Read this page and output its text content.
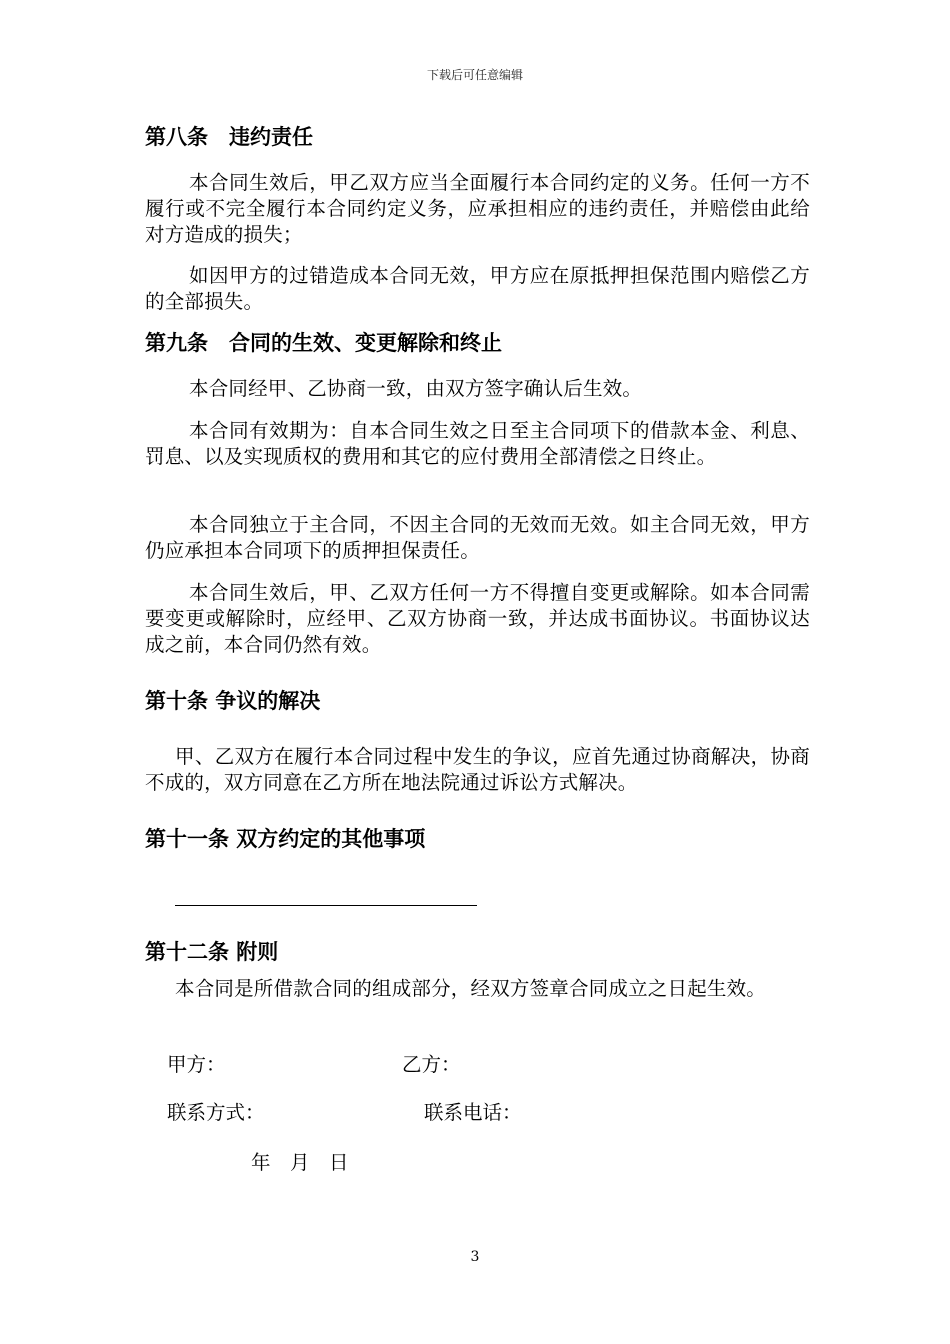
下载后可任意编辑
第八条　违约责任
本合同生效后，甲乙双方应当全面履行本合同约定的义务。任何一方不履行或不完全履行本合同约定义务，应承担相应的违约责任，并赔偿由此给对方造成的损失；
如因甲方的过错造成本合同无效，甲方应在原抵押担保范围内赔偿乙方的全部损失。
第九条　合同的生效、变更解除和终止
本合同经甲、乙协商一致，由双方签字确认后生效。
本合同有效期为：自本合同生效之日至主合同项下的借款本金、利息、罚息、以及实现质权的费用和其它的应付费用全部清偿之日终止。
本合同独立于主合同，不因主合同的无效而无效。如主合同无效，甲方仍应承担本合同项下的质押担保责任。
本合同生效后，甲、乙双方任何一方不得擅自变更或解除。如本合同需要变更或解除时，应经甲、乙双方协商一致，并达成书面协议。书面协议达成之前，本合同仍然有效。
第十条 争议的解决
甲、乙双方在履行本合同过程中发生的争议，应首先通过协商解决，协商不成的，双方同意在乙方所在地法院通过诉讼方式解决。
第十一条 双方约定的其他事项
第十二条 附则
本合同是所借款合同的组成部分，经双方签章合同成立之日起生效。
甲方：	乙方：
联系方式：	联系电话：
年　月　日
3
